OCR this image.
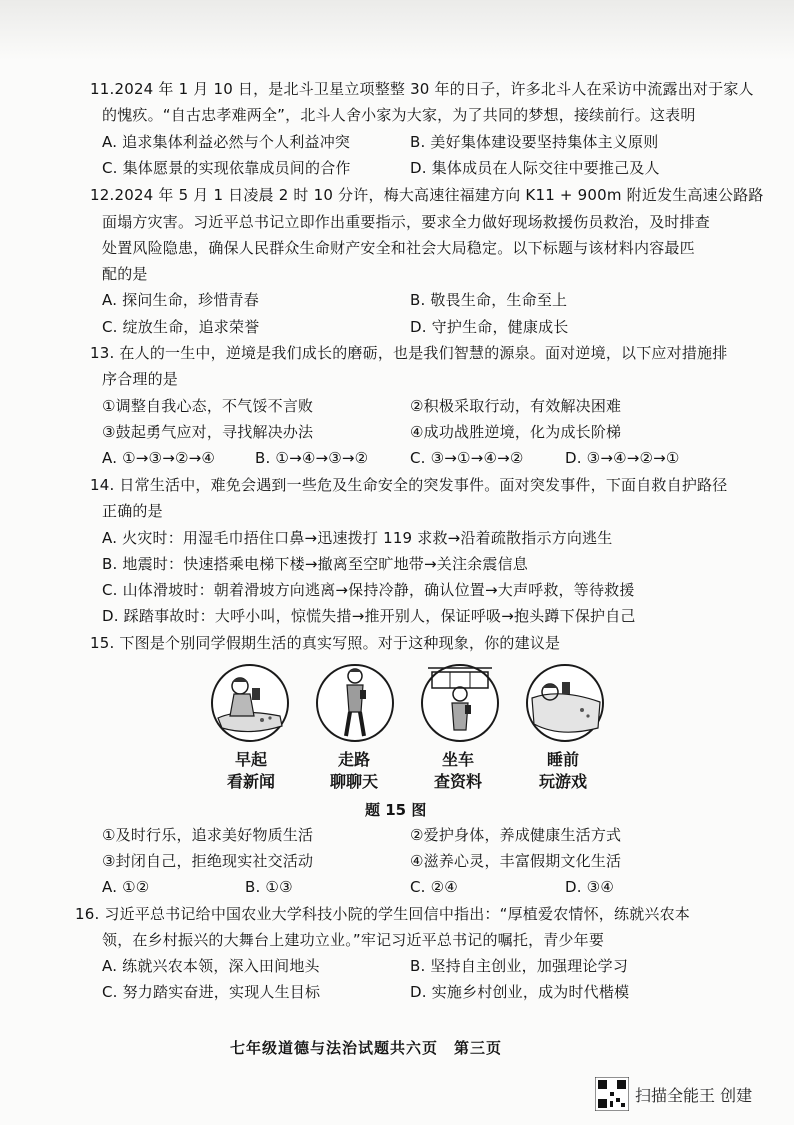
11.2024 年 1 月 10 日，是北斗卫星立项整整 30 年的日子，许多北斗人在采访中流露出对于家人
的愧疚。“自古忠孝难两全”，北斗人舍小家为大家，为了共同的梦想，接续前行。这表明
A. 追求集体利益必然与个人利益冲突	B. 美好集体建设要坚持集体主义原则
C. 集体愿景的实现依靠成员间的合作	D. 集体成员在人际交往中要推己及人
12.2024 年 5 月 1 日凌晨 2 时 10 分许，梅大高速往福建方向 K11 + 900m 附近发生高速公路路
面塌方灾害。习近平总书记立即作出重要指示，要求全力做好现场救援伤员救治，及时排查
处置风险隐患，确保人民群众生命财产安全和社会大局稳定。以下标题与该材料内容最匹
配的是
A. 探问生命，珍惜青春	B. 敬畏生命，生命至上
C. 绽放生命，追求荣誉	D. 守护生命，健康成长
13. 在人的一生中，逆境是我们成长的磨砺，也是我们智慧的源泉。面对逆境，以下应对措施排
序合理的是
①调整自我心态，不气馁不言败	②积极采取行动，有效解决困难
③鼓起勇气应对，寻找解决办法	④成功战胜逆境，化为成长阶梯
A. ①→③→②→④	B. ①→④→③→②	C. ③→①→④→②	D. ③→④→②→①
14. 日常生活中，难免会遇到一些危及生命安全的突发事件。面对突发事件，下面自救自护路径
正确的是
A. 火灾时：用湿毛巾捂住口鼻→迅速拨打 119 求救→沿着疏散指示方向逃生
B. 地震时：快速搭乘电梯下楼→撤离至空旷地带→关注余震信息
C. 山体滑坡时：朝着滑坡方向逃离→保持冷静，确认位置→大声呼救，等待救援
D. 踩踏事故时：大呼小叫，惊慌失措→推开别人，保证呼吸→抱头蹲下保护自己
15. 下图是个别同学假期生活的真实写照。对于这种现象，你的建议是
早起
看新闻
走路
聊聊天
坐车
查资料
睡前
玩游戏
题 15 图
①及时行乐，追求美好物质生活	②爱护身体，养成健康生活方式
③封闭自己，拒绝现实社交活动	④滋养心灵，丰富假期文化生活
A. ①②	B. ①③	C. ②④	D. ③④
16. 习近平总书记给中国农业大学科技小院的学生回信中指出：“厚植爱农情怀，练就兴农本
领，在乡村振兴的大舞台上建功立业。”牢记习近平总书记的嘱托，青少年要
A. 练就兴农本领，深入田间地头	B. 坚持自主创业，加强理论学习
C. 努力踏实奋进，实现人生目标	D. 实施乡村创业，成为时代楷模
七年级道德与法治试题共六页　第三页
扫描全能王 创建
